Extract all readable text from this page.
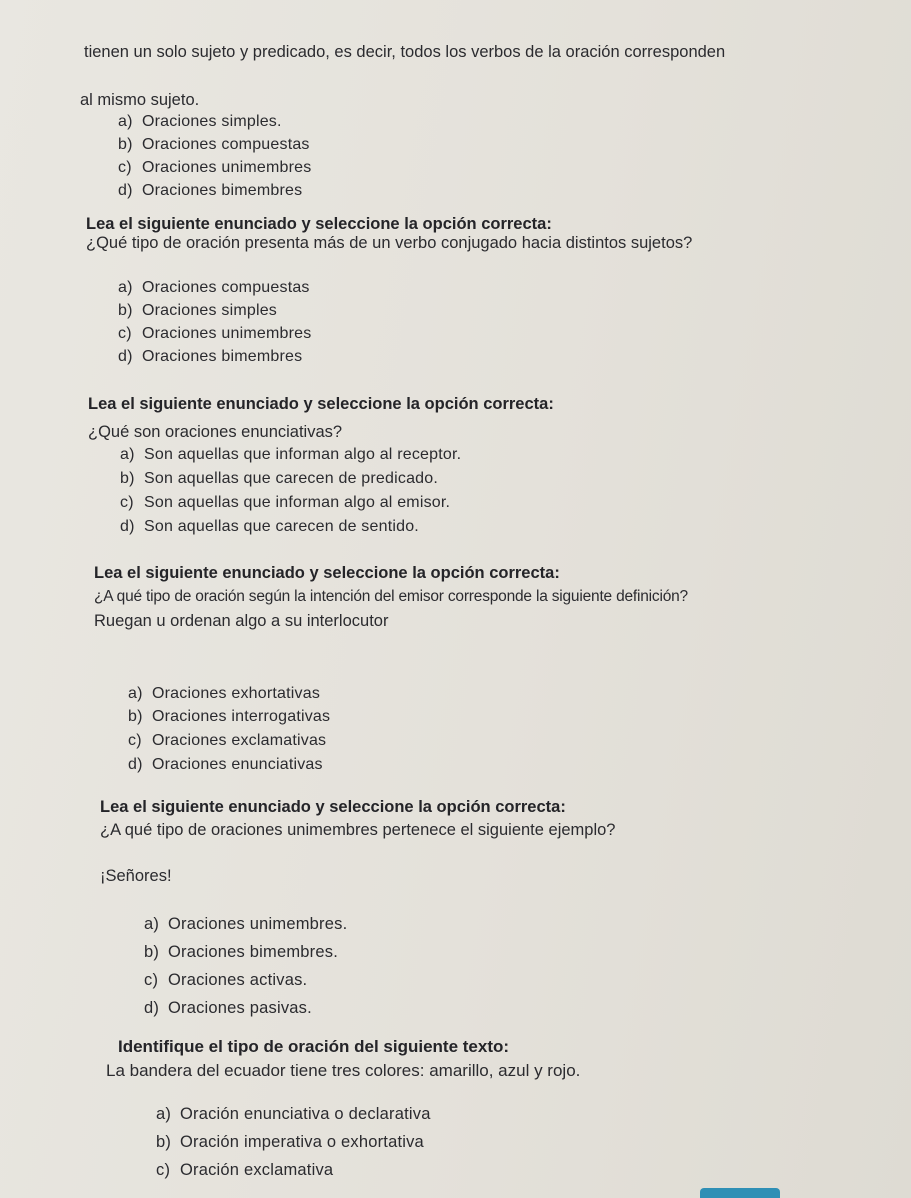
tienen un solo sujeto y predicado, es decir, todos los verbos de la oración corresponden
al mismo sujeto.
a) Oraciones simples.
b) Oraciones compuestas
c) Oraciones unimembres
d) Oraciones bimembres
Lea el siguiente enunciado y seleccione la opción correcta:
¿Qué tipo de oración presenta más de un verbo conjugado hacia distintos sujetos?
a) Oraciones compuestas
b) Oraciones simples
c) Oraciones unimembres
d) Oraciones bimembres
Lea el siguiente enunciado y seleccione la opción correcta:
¿Qué son oraciones enunciativas?
a) Son aquellas que informan algo al receptor.
b) Son aquellas que carecen de predicado.
c) Son aquellas que informan algo al emisor.
d) Son aquellas que carecen de sentido.
Lea el siguiente enunciado y seleccione la opción correcta:
¿A qué tipo de oración según la intención del emisor corresponde la siguiente definición?
Ruegan u ordenan algo a su interlocutor
a) Oraciones exhortativas
b) Oraciones interrogativas
c) Oraciones exclamativas
d) Oraciones enunciativas
Lea el siguiente enunciado y seleccione la opción correcta:
¿A qué tipo de oraciones unimembres pertenece el siguiente ejemplo?
¡Señores!
a) Oraciones unimembres.
b) Oraciones bimembres.
c) Oraciones activas.
d) Oraciones pasivas.
Identifique el tipo de oración del siguiente texto:
La bandera del ecuador tiene tres colores: amarillo, azul y rojo.
a) Oración enunciativa o declarativa
b) Oración imperativa o exhortativa
c) Oración exclamativa
